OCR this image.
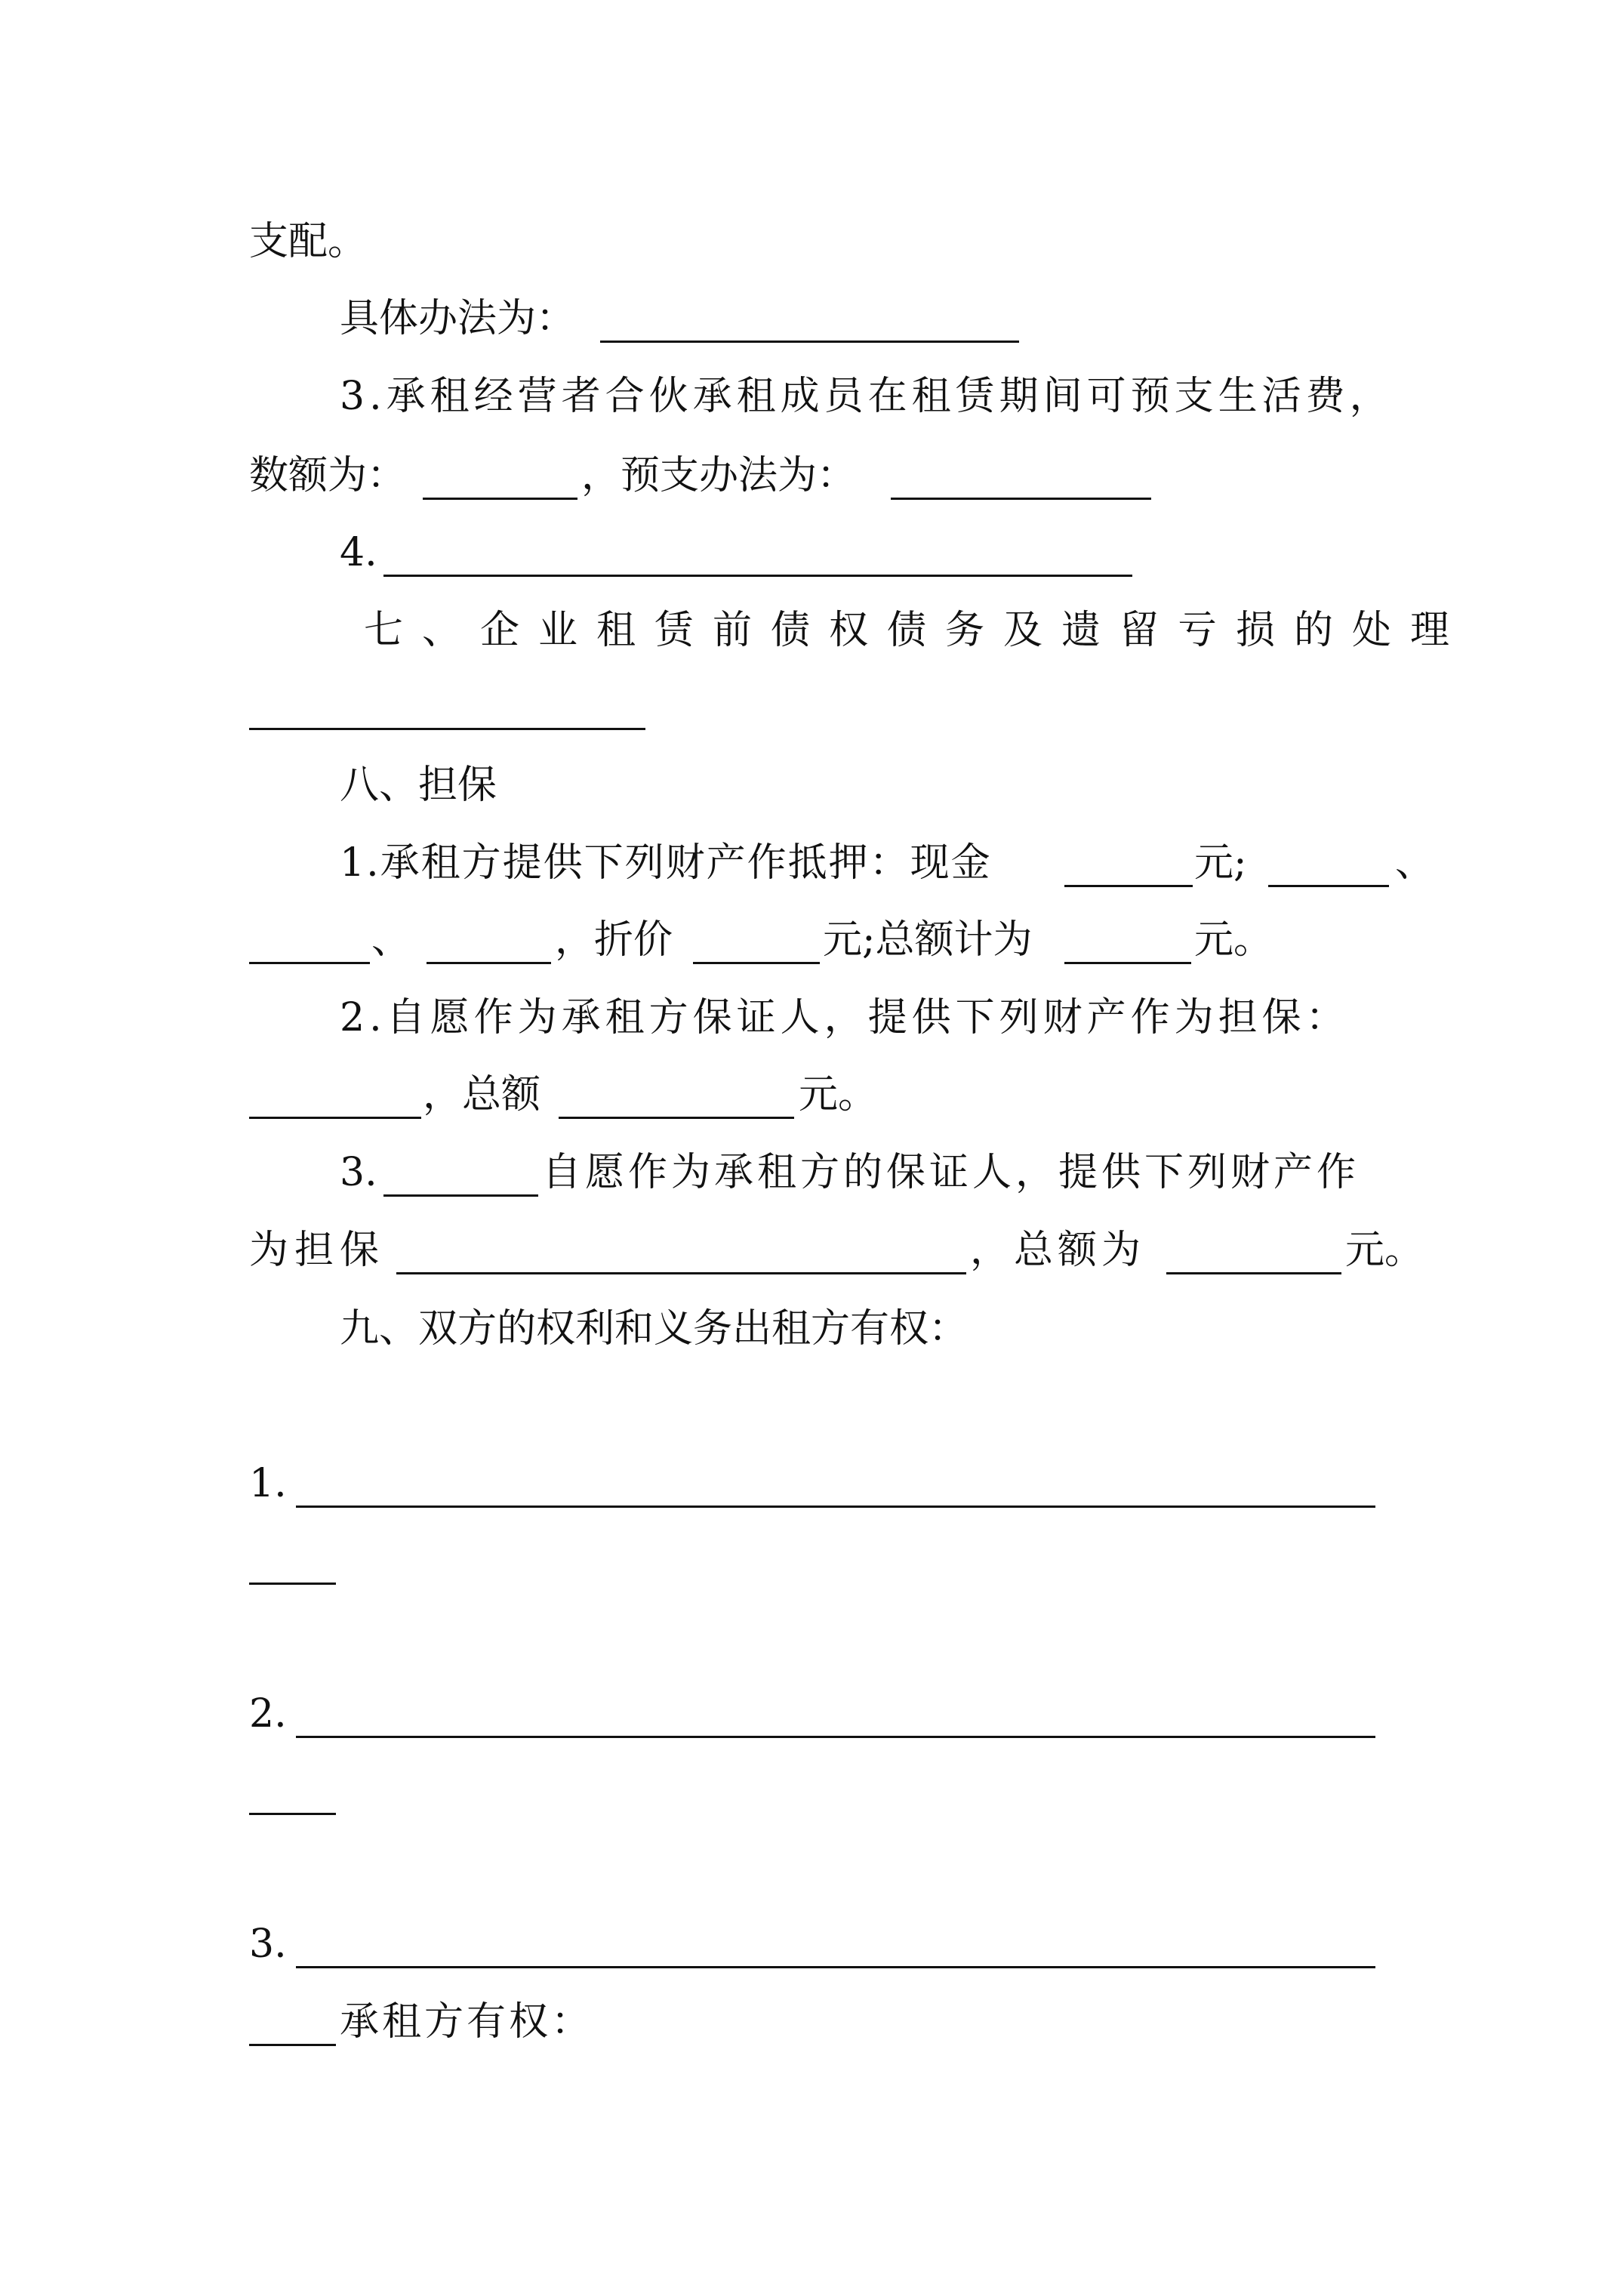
支配。
具体办法为：
3.承租经营者合伙承租成员在租赁期间可预支生活费，
数额为：	，预支办法为：
4.
七、企业租赁前债权债务及遗留亏损的处理
八、担保
1.承租方提供下列财产作抵押：现金	元;	、
、	，折价	元;总额计为	元。
2.自愿作为承租方保证人，提供下列财产作为担保：
，总额	元。
3.	自愿作为承租方的保证人，提供下列财产作
为担保	，总额为	元。
九、双方的权利和义务出租方有权：
1.
2.
3.
承租方有权：
